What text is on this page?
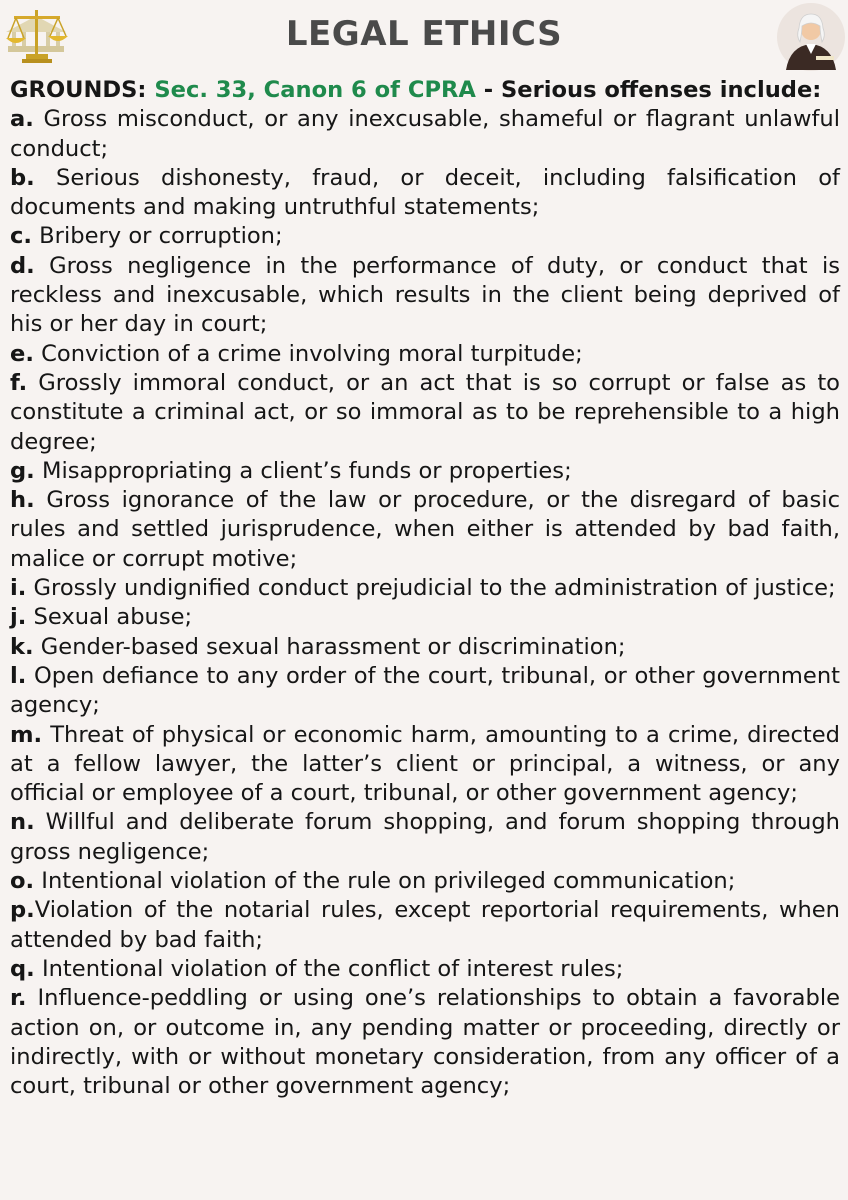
LEGAL ETHICS
GROUNDS: Sec. 33, Canon 6 of CPRA - Serious offenses include:
a. Gross misconduct, or any inexcusable, shameful or flagrant unlawful conduct;
b. Serious dishonesty, fraud, or deceit, including falsification of documents and making untruthful statements;
c. Bribery or corruption;
d. Gross negligence in the performance of duty, or conduct that is reckless and inexcusable, which results in the client being deprived of his or her day in court;
e. Conviction of a crime involving moral turpitude;
f. Grossly immoral conduct, or an act that is so corrupt or false as to constitute a criminal act, or so immoral as to be reprehensible to a high degree;
g. Misappropriating a client’s funds or properties;
h. Gross ignorance of the law or procedure, or the disregard of basic rules and settled jurisprudence, when either is attended by bad faith, malice or corrupt motive;
i. Grossly undignified conduct prejudicial to the administration of justice;
j. Sexual abuse;
k. Gender-based sexual harassment or discrimination;
l. Open defiance to any order of the court, tribunal, or other government agency;
m. Threat of physical or economic harm, amounting to a crime, directed at a fellow lawyer, the latter’s client or principal, a witness, or any official or employee of a court, tribunal, or other government agency;
n. Willful and deliberate forum shopping, and forum shopping through gross negligence;
o. Intentional violation of the rule on privileged communication;
p.Violation of the notarial rules, except reportorial requirements, when attended by bad faith;
q. Intentional violation of the conflict of interest rules;
r. Influence-peddling or using one’s relationships to obtain a favorable action on, or outcome in, any pending matter or proceeding, directly or indirectly, with or without monetary consideration, from any officer of a court, tribunal or other government agency;
